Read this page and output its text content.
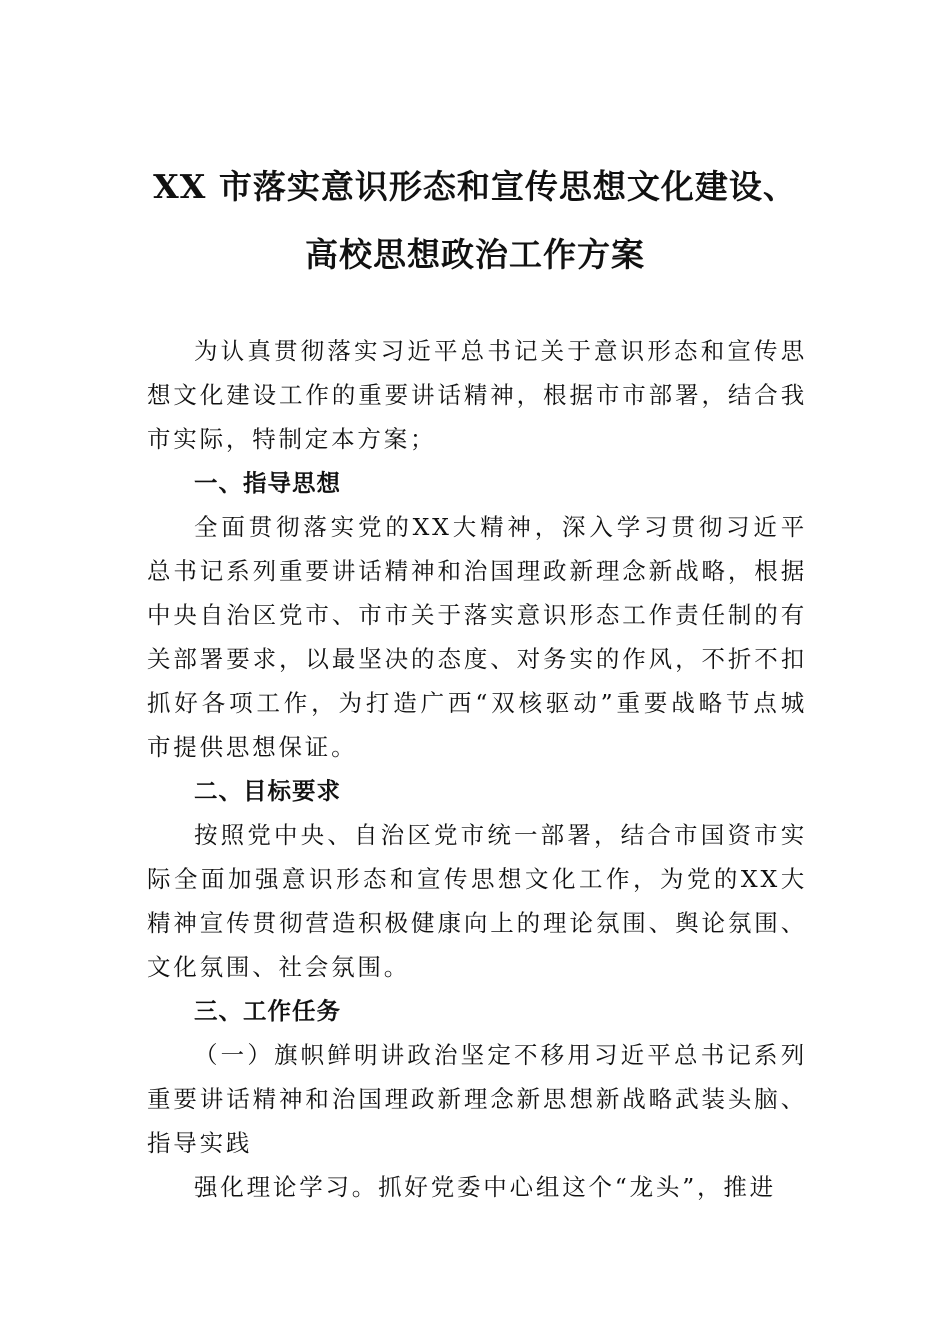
XX 市落实意识形态和宣传思想文化建设、
高校思想政治工作方案

为认真贯彻落实习近平总书记关于意识形态和宣传思想文化建设工作的重要讲话精神，根据市市部署，结合我市实际，特制定本方案；

一、指导思想

全面贯彻落实党的XX大精神，深入学习贯彻习近平总书记系列重要讲话精神和治国理政新理念新战略，根据中央自治区党市、市市关于落实意识形态工作责任制的有关部署要求，以最坚决的态度、对务实的作风，不折不扣抓好各项工作，为打造广西“双核驱动”重要战略节点城市提供思想保证。

二、目标要求

按照党中央、自治区党市统一部署，结合市国资市实际全面加强意识形态和宣传思想文化工作，为党的XX大精神宣传贯彻营造积极健康向上的理论氛围、舆论氛围、文化氛围、社会氛围。

三、工作任务

（一）旗帜鲜明讲政治坚定不移用习近平总书记系列重要讲话精神和治国理政新理念新思想新战略武装头脑、指导实践

强化理论学习。抓好党委中心组这个“龙头”，推进
